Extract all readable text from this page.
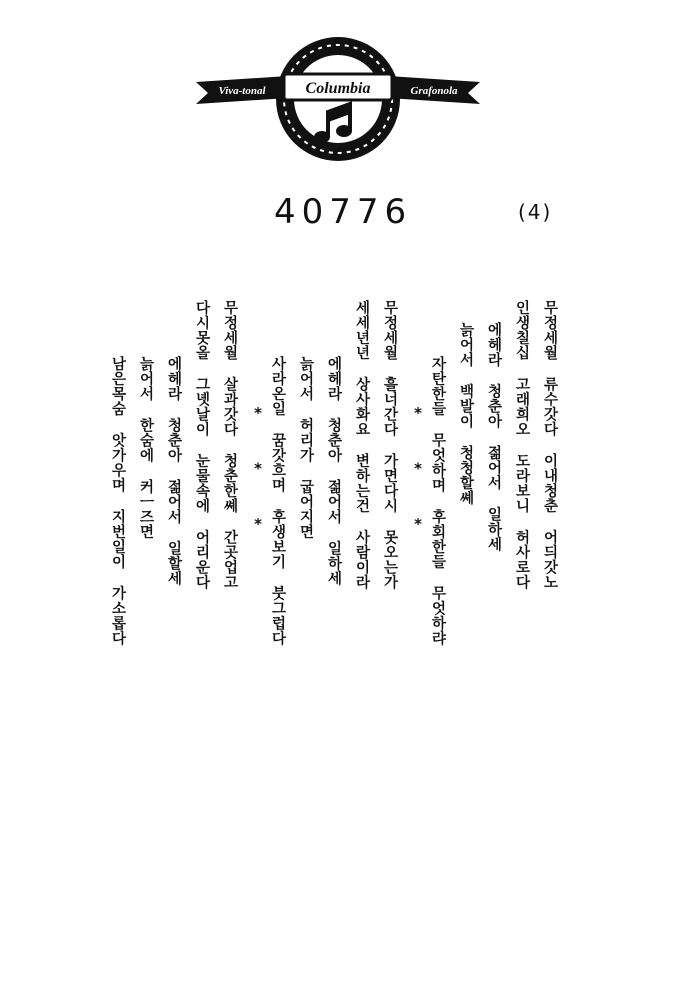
Columbia
Viva-tonal	Grafonola
40776	(4)
무정세월 류수갓다 이내청춘 어듸갓노
인생칠십 고래희오 도라보니 허사로다
에헤라 청춘아 젊어서 일하세
늙어서 백발이 청청할쎼
자탄한들 무엇하며 후회한들 무엇하랴
*  *  *
무정세월 흘너간다 가면다시 못오는가
세세년년 상사화요 변하는건 사람이라
에헤라 청춘아 젊어서 일하세
늙어서 허리가 굽어지면
사라온일 꿈갓흐며 후생보기 붓그럽다
*  *  *
무정세월 살과갓다 청춘한쎼 간곳업고
다시못올 그녯날이 눈물속에 어리운다
에헤라 청춘아 젊어서 일할세
늙어서 한숨에 커ㅡ즈면
남은목숨 앗가우며 지번일이 가소롭다
